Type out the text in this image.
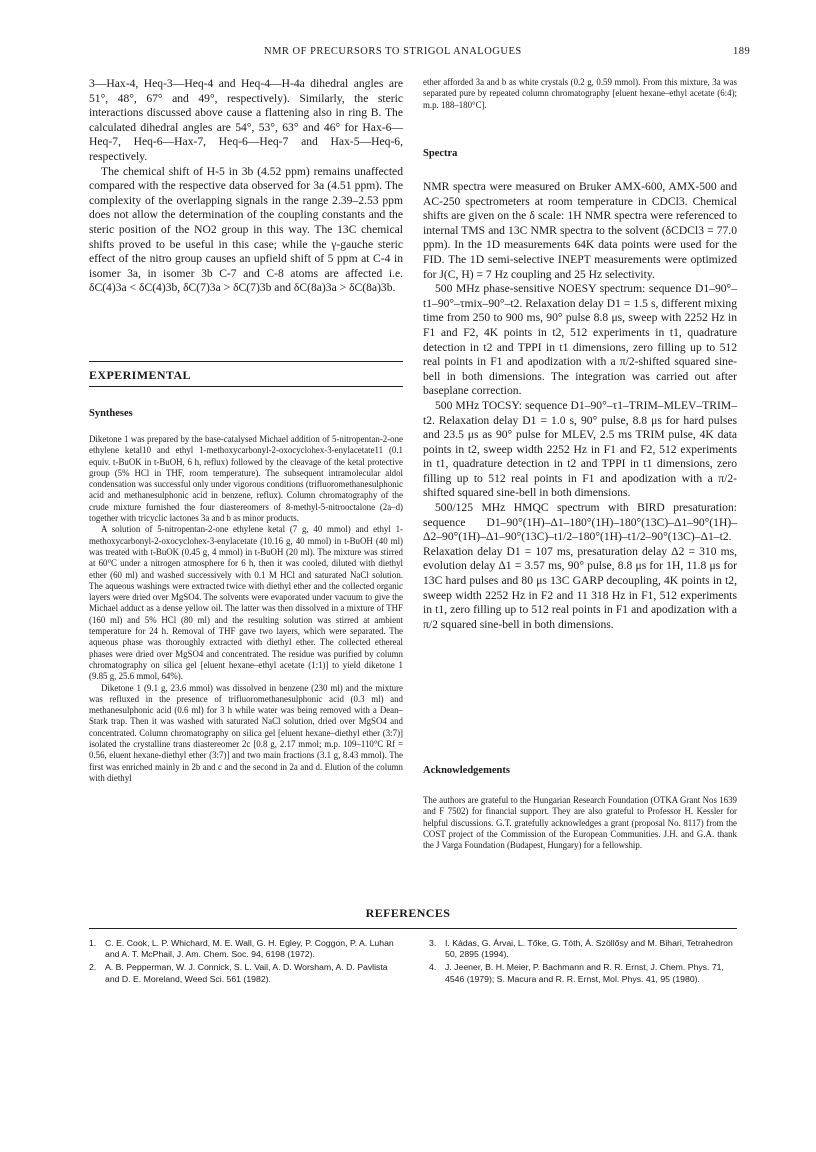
NMR OF PRECURSORS TO STRIGOL ANALOGUES	189

3—Hax-4, Heq-3—Heq-4 and Heq-4—H-4a dihedral angles are 51°, 48°, 67° and 49°, respectively). Similarly, the steric interactions discussed above cause a flattening also in ring B. The calculated dihedral angles are 54°, 53°, 63° and 46° for Hax-6—Heq-7, Heq-6—Hax-7, Heq-6—Heq-7 and Hax-5—Heq-6, respectively.

The chemical shift of H-5 in 3b (4.52 ppm) remains unaffected compared with the respective data observed for 3a (4.51 ppm). The complexity of the overlapping signals in the range 2.39–2.53 ppm does not allow the determination of the coupling constants and the steric position of the NO2 group in this way. The 13C chemical shifts proved to be useful in this case; while the γ-gauche steric effect of the nitro group causes an upfield shift of 5 ppm at C-4 in isomer 3a, in isomer 3b C-7 and C-8 atoms are affected i.e. δC(4)3a < δC(4)3b, δC(7)3a > δC(7)3b and δC(8a)3a > δC(8a)3b.

EXPERIMENTAL
Syntheses

Diketone 1 was prepared by the base-catalysed Michael addition of 5-nitropentan-2-one ethylene ketal10 and ethyl 1-methoxycarbonyl-2-oxocyclohex-3-enylacetate11 (0.1 equiv. t-BuOK in t-BuOH, 6 h, reflux) followed by the cleavage of the ketal protective group (5% HCl in THF, room temperature). The subsequent intramolecular aldol condensation was successful only under vigorous conditions (trifluoromethanesulphonic acid and methanesulphonic acid in benzene, reflux). Column chromatography of the crude mixture furnished the four diastereomers of 8-methyl-5-nitrooctalone (2a–d) together with tricyclic lactones 3a and b as minor products.

A solution of 5-nitropentan-2-one ethylene ketal (7 g, 40 mmol) and ethyl 1-methoxycarbonyl-2-oxocyclohex-3-enylacetate (10.16 g, 40 mmol) in t-BuOH (40 ml) was treated with t-BuOK (0.45 g, 4 mmol) in t-BuOH (20 ml). The mixture was stirred at 60°C under a nitrogen atmosphere for 6 h, then it was cooled, diluted with diethyl ether (60 ml) and washed successively with 0.1 M HCl and saturated NaCl solution. The aqueous washings were extracted twice with diethyl ether and the collected organic layers were dried over MgSO4. The solvents were evaporated under vacuum to give the Michael adduct as a dense yellow oil. The latter was then dissolved in a mixture of THF (160 ml) and 5% HCl (80 ml) and the resulting solution was stirred at ambient temperature for 24 h. Removal of THF gave two layers, which were separated. The aqueous phase was thoroughly extracted with diethyl ether. The collected ethereal phases were dried over MgSO4 and concentrated. The residue was purified by column chromatography on silica gel [eluent hexane–ethyl acetate (1:1)] to yield diketone 1 (9.85 g, 25.6 mmol, 64%).

Diketone 1 (9.1 g, 23.6 mmol) was dissolved in benzene (230 ml) and the mixture was refluxed in the presence of trifluoromethanesulphonic acid (0.3 ml) and methanesulphonic acid (0.6 ml) for 3 h while water was being removed with a Dean–Stark trap. Then it was washed with saturated NaCl solution, dried over MgSO4 and concentrated. Column chromatography on silica gel [eluent hexane–diethyl ether (3:7)] isolated the crystalline trans diastereomer 2c [0.8 g, 2.17 mmol; m.p. 109–110°C Rf = 0.56, eluent hexane-diethyl ether (3:7)] and two main fractions (3.1 g, 8.43 mmol). The first was enriched mainly in 2b and c and the second in 2a and d. Elution of the column with diethyl

ether afforded 3a and b as white crystals (0.2 g, 0.59 mmol). From this mixture, 3a was separated pure by repeated column chromatography [eluent hexane–ethyl acetate (6:4); m.p. 188–180°C].

Spectra

NMR spectra were measured on Bruker AMX-600, AMX-500 and AC-250 spectrometers at room temperature in CDCl3. Chemical shifts are given on the δ scale: 1H NMR spectra were referenced to internal TMS and 13C NMR spectra to the solvent (δCDCl3 = 77.0 ppm). In the 1D measurements 64K data points were used for the FID. The 1D semi-selective INEPT measurements were optimized for J(C, H) = 7 Hz coupling and 25 Hz selectivity.

500 MHz phase-sensitive NOESY spectrum: sequence D1–90°–t1–90°–τmix–90°–t2. Relaxation delay D1 = 1.5 s, different mixing time from 250 to 900 ms, 90° pulse 8.8 μs, sweep with 2252 Hz in F1 and F2, 4K points in t2, 512 experiments in t1, quadrature detection in t2 and TPPI in t1 dimensions, zero filling up to 512 real points in F1 and apodization with a π/2-shifted squared sine-bell in both dimensions. The integration was carried out after baseplane correction.

500 MHz TOCSY: sequence D1–90°–τ1–TRIM–MLEV–TRIM–t2. Relaxation delay D1 = 1.0 s, 90° pulse, 8.8 μs for hard pulses and 23.5 μs as 90° pulse for MLEV, 2.5 ms TRIM pulse, 4K data points in t2, sweep width 2252 Hz in F1 and F2, 512 experiments in t1, quadrature detection in t2 and TPPI in t1 dimensions, zero filling up to 512 real points in F1 and apodization with a π/2-shifted squared sine-bell in both dimensions.

500/125 MHz HMQC spectrum with BIRD presaturation: sequence D1–90°(1H)–Δ1–180°(1H)–180°(13C)–Δ1–90°(1H)–Δ2–90°(1H)–Δ1–90°(13C)–t1/2–180°(1H)–t1/2–90°(13C)–Δ1–t2. Relaxation delay D1 = 107 ms, presaturation delay Δ2 = 310 ms, evolution delay Δ1 = 3.57 ms, 90° pulse, 8.8 μs for 1H, 11.8 μs for 13C hard pulses and 80 μs 13C GARP decoupling, 4K points in t2, sweep width 2252 Hz in F2 and 11 318 Hz in F1, 512 experiments in t1, zero filling up to 512 real points in F1 and apodization with a π/2 squared sine-bell in both dimensions.

Acknowledgements

The authors are grateful to the Hungarian Research Foundation (OTKA Grant Nos 1639 and F 7502) for financial support. They are also grateful to Professor H. Kessler for helpful discussions. G.T. gratefully acknowledges a grant (proposal No. 8117) from the COST project of the Commission of the European Communities. J.H. and G.A. thank the J Varga Foundation (Budapest, Hungary) for a fellowship.

REFERENCES
1.	C. E. Cook, L. P. Whichard, M. E. Wall, G. H. Egley, P. Coggon, P. A. Luhan and A. T. McPhail, J. Am. Chem. Soc. 94, 6198 (1972).
2.	A. B. Pepperman, W. J. Connick, S. L. Vail, A. D. Worsham, A. D. Pavlista and D. E. Moreland, Weed Sci. 561 (1982).
3.	I. Kádas, G. Árvai, L. Tőke, G. Tóth, Á. Szöllősy and M. Bihari, Tetrahedron 50, 2895 (1994).
4.	J. Jeener, B. H. Meier, P. Bachmann and R. R. Ernst, J. Chem. Phys. 71, 4546 (1979); S. Macura and R. R. Ernst, Mol. Phys. 41, 95 (1980).
